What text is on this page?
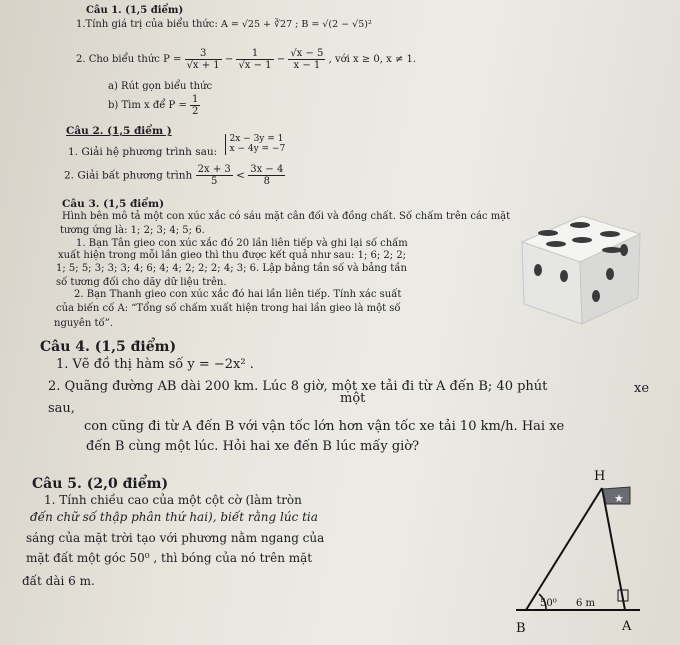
Câu 1. (1,5 điểm)
1.Tính giá trị của biểu thức: A = √25 + ∛27 ; B = √(2 − √5)²
2. Cho biểu thức $P = \frac{3}{√x + 1} - \frac{1}{√x - 1} - \frac{√x - 5}{x - 1}$ , với x ≥ 0, x ≠ 1.
a) Rút gọn biểu thức
b) Tìm x để $P = \frac{1}{2}$
Câu 2. (1,5 điểm )
1. Giải hệ phương trình sau: 2x − 3y = 1
x − 4y = −7
2. Giải bất phương trình $\frac{2x + 3}{5} < \frac{3x - 4}{8}$
Câu 3. (1,5 điểm)
Hình bên mô tả một con xúc xắc có sáu mặt cân đối và đồng chất. Số chấm trên các mặt
tương ứng là: 1; 2; 3; 4; 5; 6.
1. Bạn Tân gieo con xúc xắc đó 20 lần liên tiếp và ghi lại số chấm
xuất hiện trong mỗi lần gieo thì thu được kết quả như sau: 1; 6; 2; 2;
1; 5; 5; 3; 3; 3; 4; 6; 4; 4; 2; 2; 2; 4; 3; 6. Lập bảng tần số và bảng tần
số tương đối cho dãy dữ liệu trên.
2. Bạn Thanh gieo con xúc xắc đó hai lần liên tiếp. Tính xác suất
của biến cố A: “Tổng số chấm xuất hiện trong hai lần gieo là một số
nguyên tố”.
Câu 4. (1,5 điểm)
1. Vẽ đồ thị hàm số y = −2x² .
2. Quãng đường AB dài 200 km. Lúc 8 giờ, một xe tải đi từ A đến B; 40 phút
một
xe
sau,
con cũng đi từ A đến B với vận tốc lớn hơn vận tốc xe tải 10 km/h. Hai xe
đến B cùng một lúc. Hỏi hai xe đến B lúc mấy giờ?
Câu 5. (2,0 điểm)
1. Tính chiều cao của một cột cờ (làm tròn
đến chữ số thập phân thứ hai), biết rằng lúc tia
sáng của mặt trời tạo với phương nằm ngang của
mặt đất một góc 50⁰ , thì bóng của nó trên mặt
đất dài 6 m.
★
H
50⁰ 6 m
B	A
